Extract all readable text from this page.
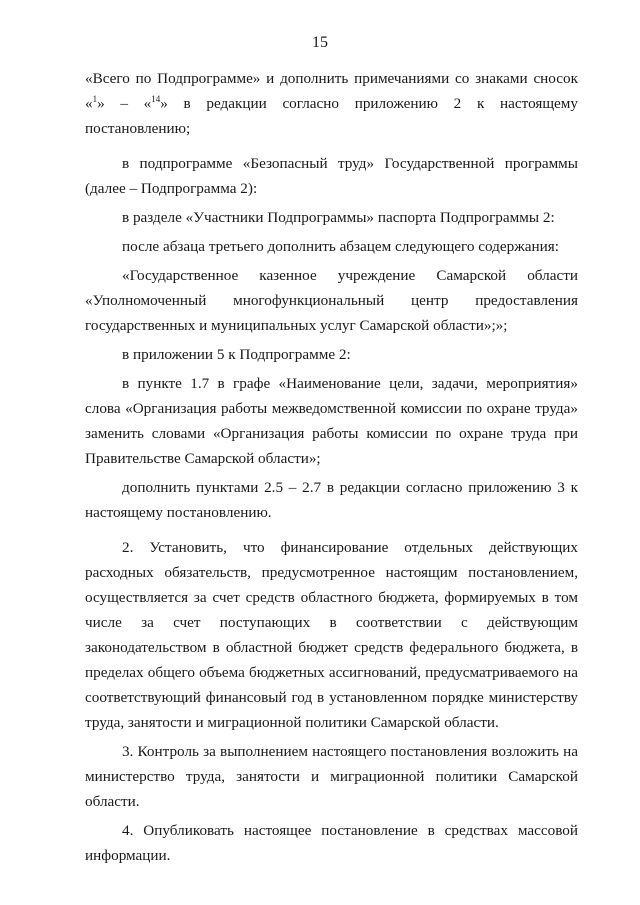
15

«Всего по Подпрограмме» и дополнить примечаниями со знаками сносок «$^1$» – «$^{14}$» в редакции согласно приложению 2 к настоящему постановлению;

в подпрограмме «Безопасный труд» Государственной программы (далее – Подпрограмма 2):

в разделе «Участники Подпрограммы» паспорта Подпрограммы 2:

после абзаца третьего дополнить абзацем следующего содержания:

«Государственное казенное учреждение Самарской области «Уполномоченный многофункциональный центр предоставления государственных и муниципальных услуг Самарской области»;»;

в приложении 5 к Подпрограмме 2:

в пункте 1.7 в графе «Наименование цели, задачи, мероприятия» слова «Организация работы межведомственной комиссии по охране труда» заменить словами «Организация работы комиссии по охране труда при Правительстве Самарской области»;

дополнить пунктами 2.5 – 2.7 в редакции согласно приложению 3 к настоящему постановлению.

2. Установить, что финансирование отдельных действующих расходных обязательств, предусмотренное настоящим постановлением, осуществляется за счет средств областного бюджета, формируемых в том числе за счет поступающих в соответствии с действующим законодательством в областной бюджет средств федерального бюджета, в пределах общего объема бюджетных ассигнований, предусматриваемого на соответствующий финансовый год в установленном порядке министерству труда, занятости и миграционной политики Самарской области.

3. Контроль за выполнением настоящего постановления возложить на министерство труда, занятости и миграционной политики Самарской области.

4. Опубликовать настоящее постановление в средствах массовой информации.
